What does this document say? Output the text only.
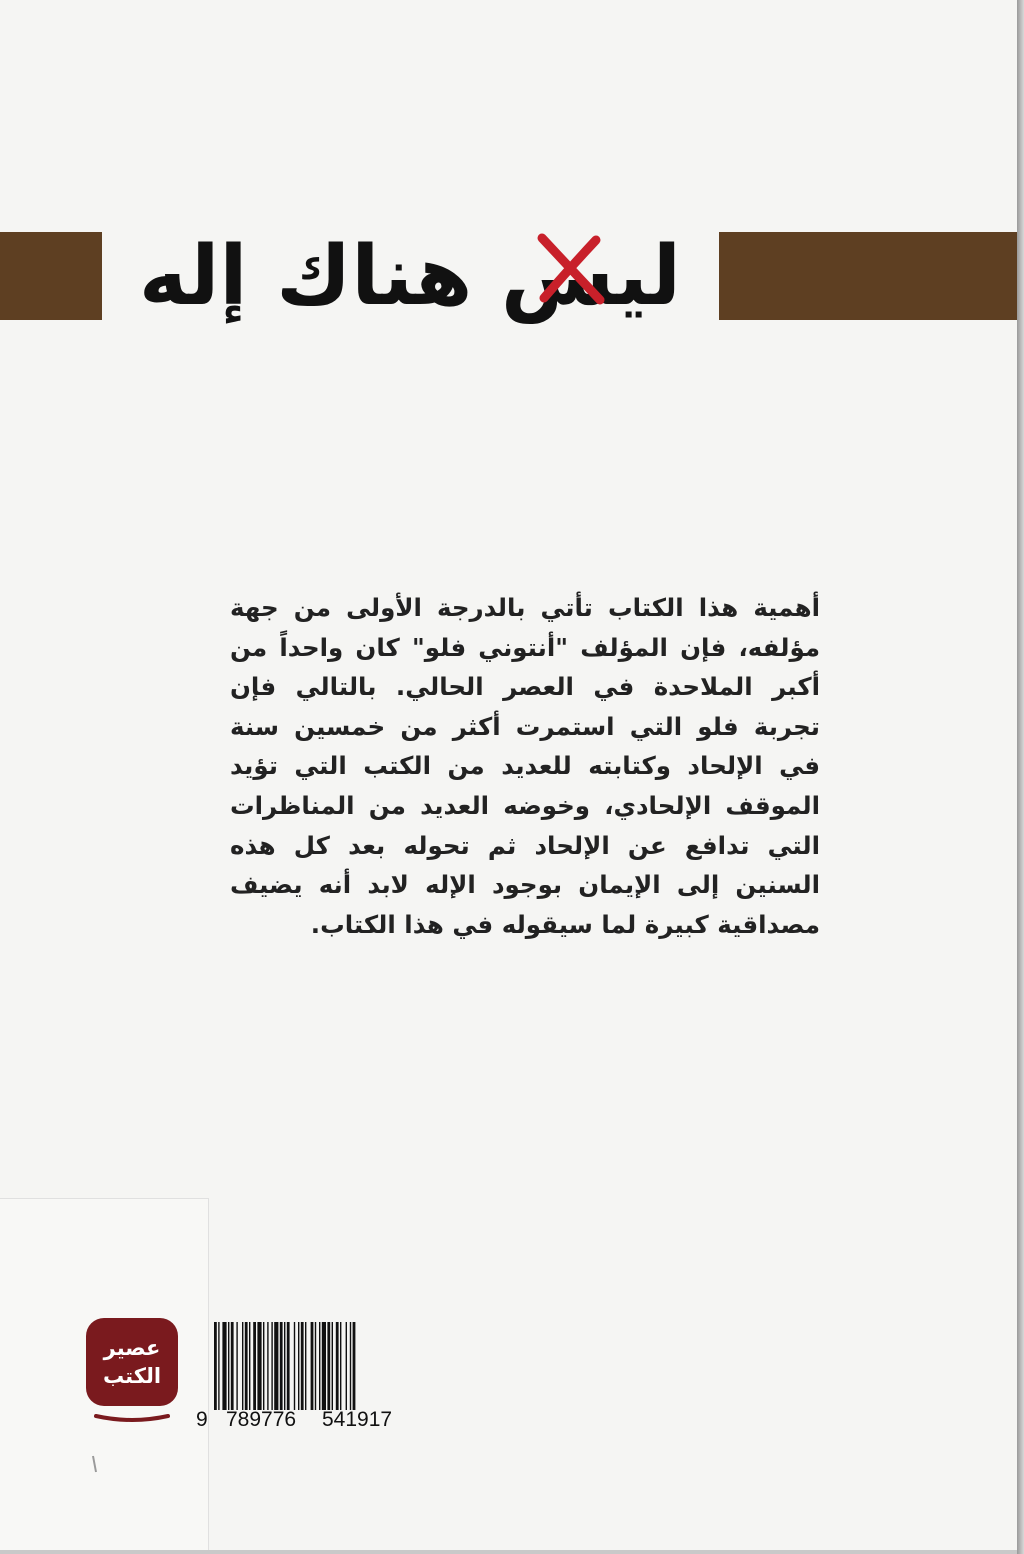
ليس هناك إله
أهمية هذا الكتاب تأتي بالدرجة الأولى من جهة مؤلفه، فإن المؤلف "أنتوني فلو" كان واحداً من أكبر الملاحدة في العصر الحالي. بالتالي فإن تجربة فلو التي استمرت أكثر من خمسين سنة في الإلحاد وكتابته للعديد من الكتب التي تؤيد الموقف الإلحادي، وخوضه العديد من المناظرات التي تدافع عن الإلحاد ثم تحوله بعد كل هذه السنين إلى الإيمان بوجود الإله لابد أنه يضيف مصداقية كبيرة لما سيقوله في هذا الكتاب.
عصير
الكتب

9

789776

541917
